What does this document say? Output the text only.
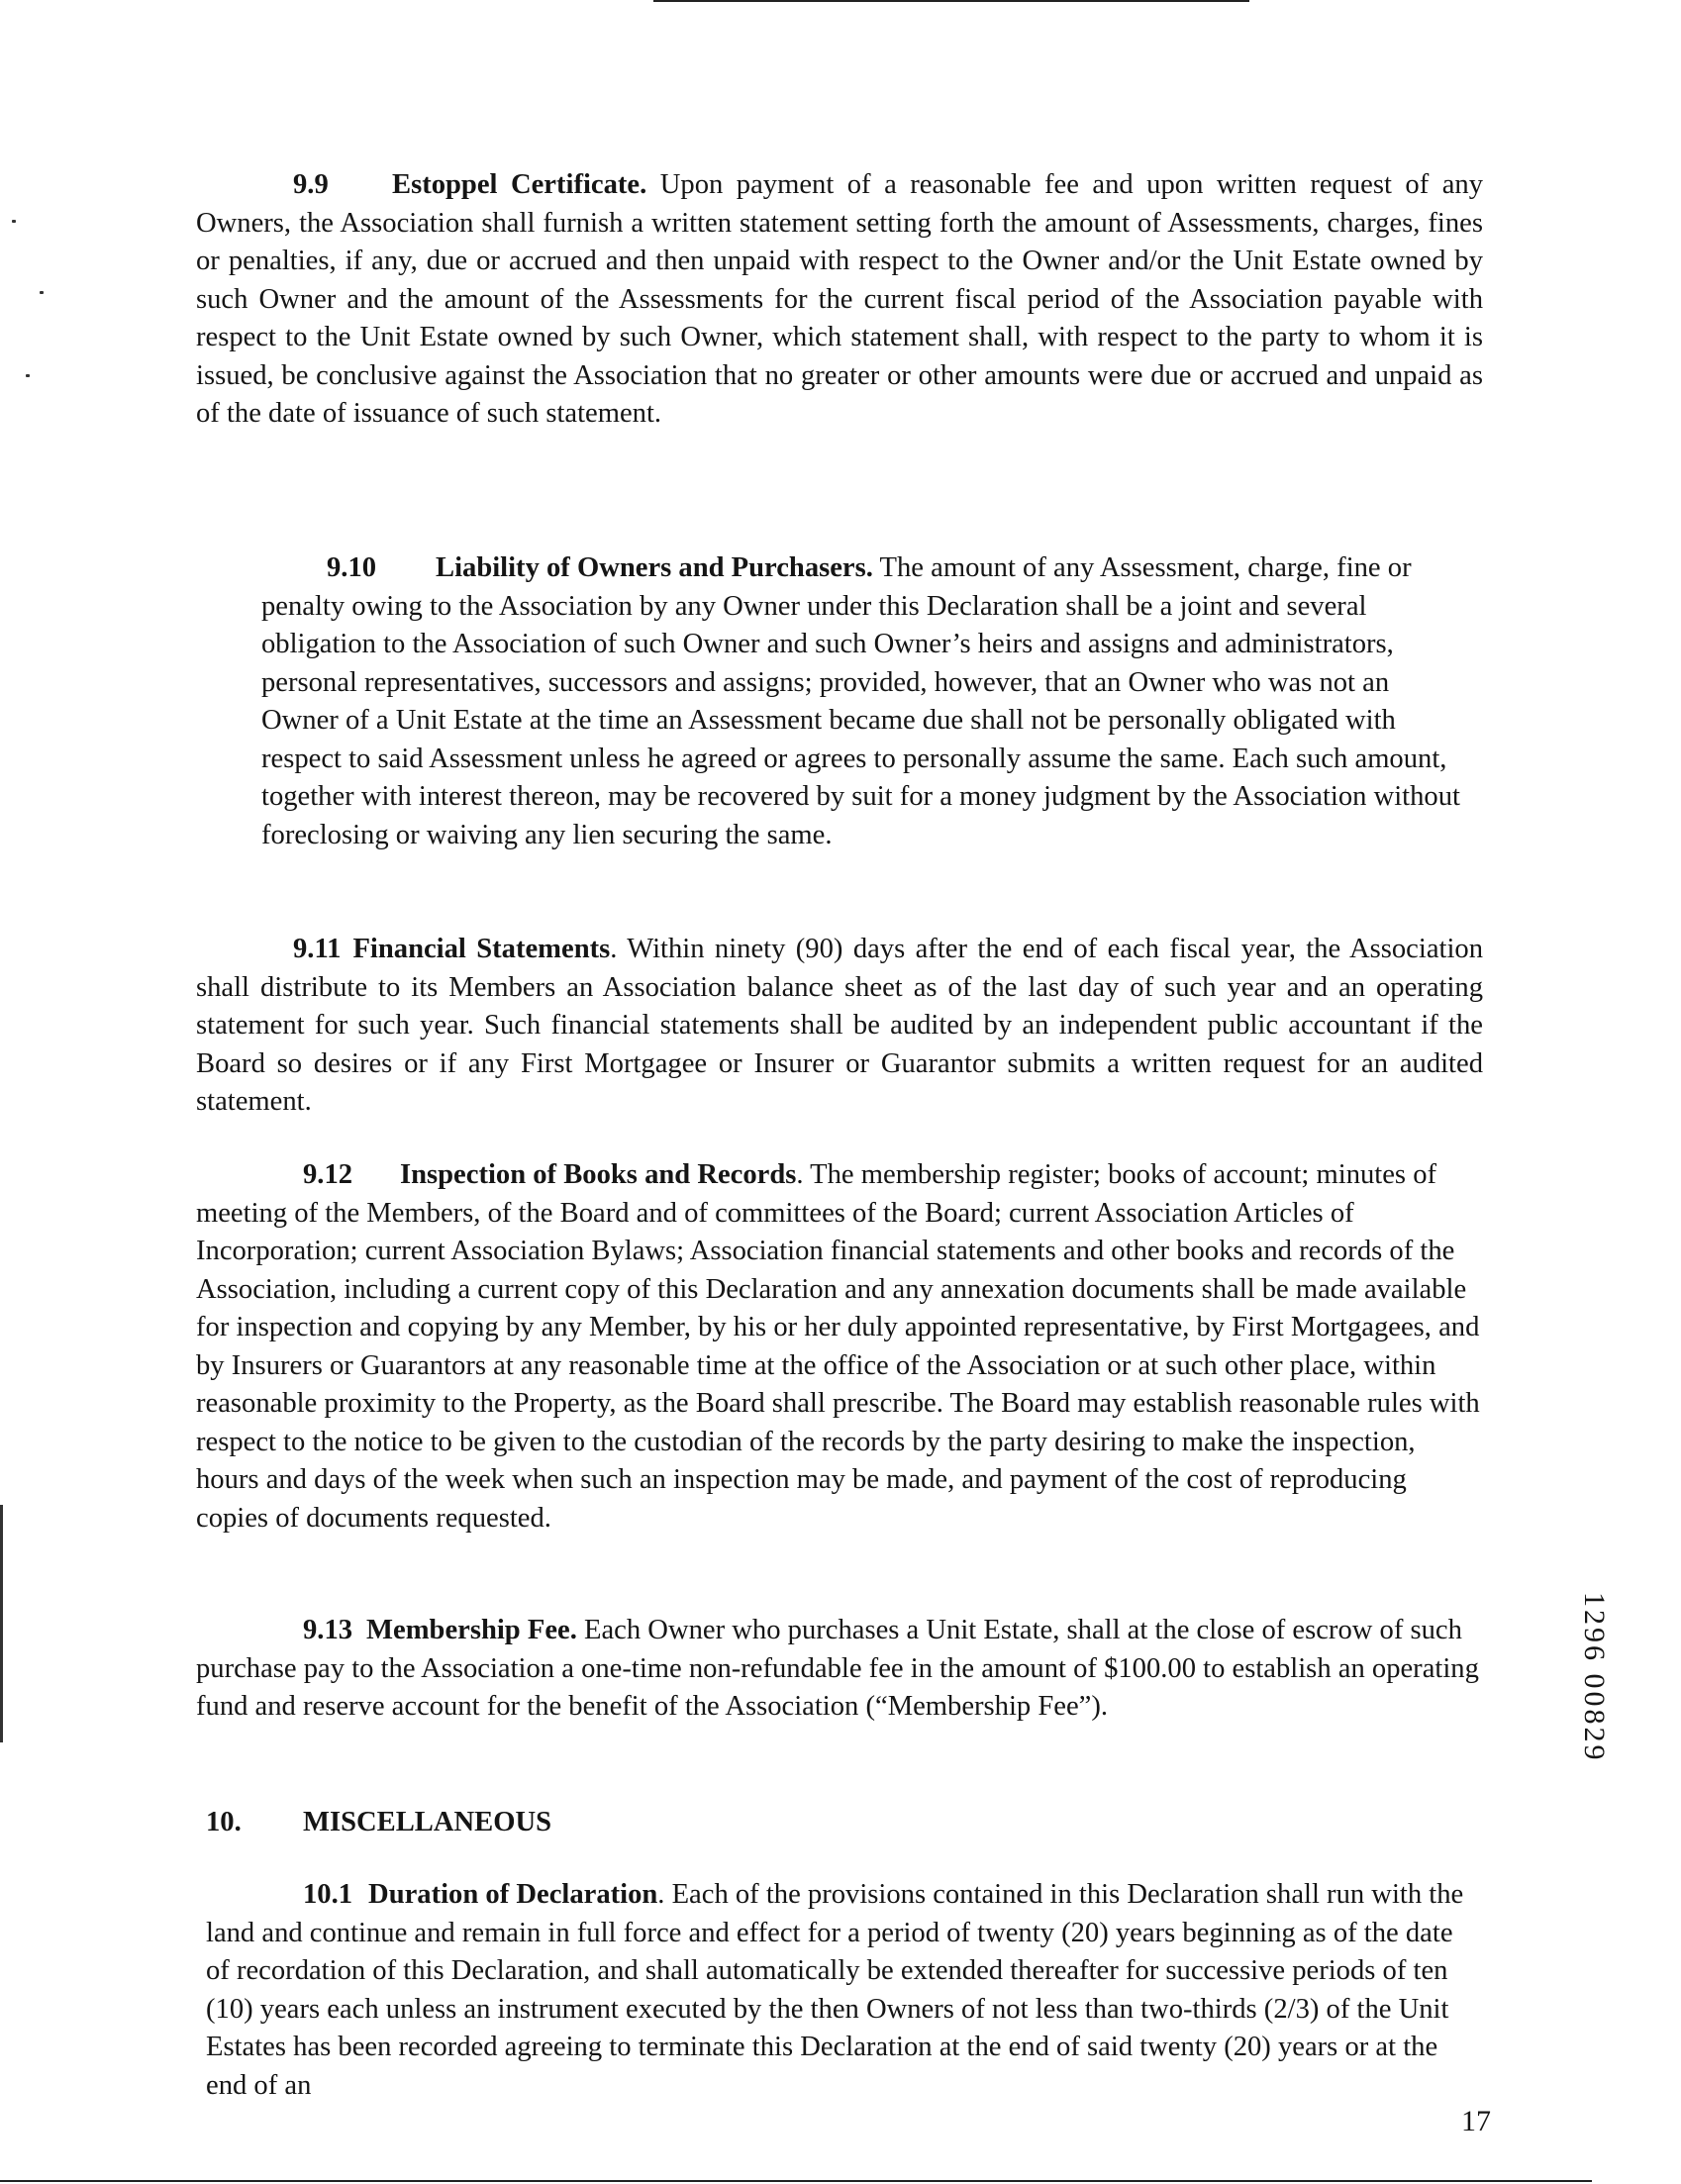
9.9 Estoppel Certificate. Upon payment of a reasonable fee and upon written request of any Owners, the Association shall furnish a written statement setting forth the amount of Assessments, charges, fines or penalties, if any, due or accrued and then unpaid with respect to the Owner and/or the Unit Estate owned by such Owner and the amount of the Assessments for the current fiscal period of the Association payable with respect to the Unit Estate owned by such Owner, which statement shall, with respect to the party to whom it is issued, be conclusive against the Association that no greater or other amounts were due or accrued and unpaid as of the date of issuance of such statement.

9.10 Liability of Owners and Purchasers. The amount of any Assessment, charge, fine or penalty owing to the Association by any Owner under this Declaration shall be a joint and several obligation to the Association of such Owner and such Owner’s heirs and assigns and administrators, personal representatives, successors and assigns; provided, however, that an Owner who was not an Owner of a Unit Estate at the time an Assessment became due shall not be personally obligated with respect to said Assessment unless he agreed or agrees to personally assume the same. Each such amount, together with interest thereon, may be recovered by suit for a money judgment by the Association without foreclosing or waiving any lien securing the same.

9.11 Financial Statements. Within ninety (90) days after the end of each fiscal year, the Association shall distribute to its Members an Association balance sheet as of the last day of such year and an operating statement for such year. Such financial statements shall be audited by an independent public accountant if the Board so desires or if any First Mortgagee or Insurer or Guarantor submits a written request for an audited statement.

9.12 Inspection of Books and Records. The membership register; books of account; minutes of meeting of the Members, of the Board and of committees of the Board; current Association Articles of Incorporation; current Association Bylaws; Association financial statements and other books and records of the Association, including a current copy of this Declaration and any annexation documents shall be made available for inspection and copying by any Member, by his or her duly appointed representative, by First Mortgagees, and by Insurers or Guarantors at any reasonable time at the office of the Association or at such other place, within reasonable proximity to the Property, as the Board shall prescribe. The Board may establish reasonable rules with respect to the notice to be given to the custodian of the records by the party desiring to make the inspection, hours and days of the week when such an inspection may be made, and payment of the cost of reproducing copies of documents requested.

9.13 Membership Fee. Each Owner who purchases a Unit Estate, shall at the close of escrow of such purchase pay to the Association a one-time non-refundable fee in the amount of $100.00 to establish an operating fund and reserve account for the benefit of the Association (“Membership Fee”).

10. MISCELLANEOUS

10.1 Duration of Declaration. Each of the provisions contained in this Declaration shall run with the land and continue and remain in full force and effect for a period of twenty (20) years beginning as of the date of recordation of this Declaration, and shall automatically be extended thereafter for successive periods of ten (10) years each unless an instrument executed by the then Owners of not less than two-thirds (2/3) of the Unit Estates has been recorded agreeing to terminate this Declaration at the end of said twenty (20) years or at the end of an

17
1296 00829
